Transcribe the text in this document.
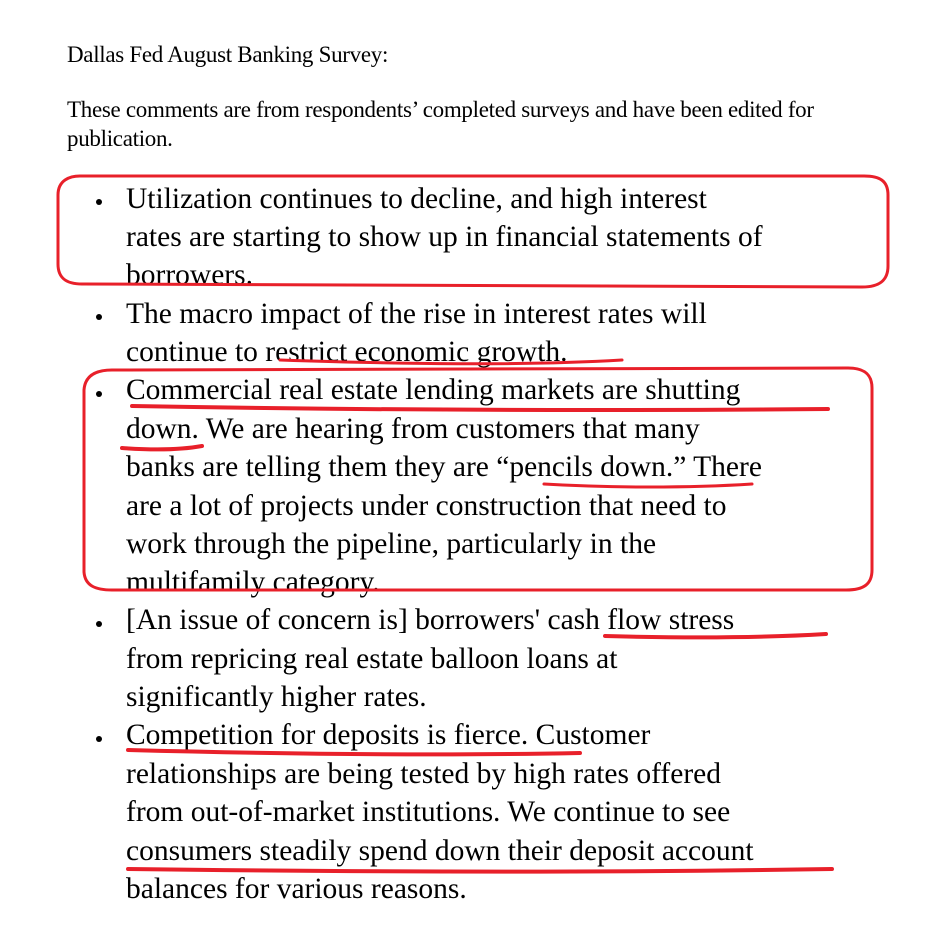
Dallas Fed August Banking Survey:
These comments are from respondents’ completed surveys and have been edited for publication.
Utilization continues to decline, and high interest
rates are starting to show up in financial statements of
borrowers.
The macro impact of the rise in interest rates will
continue to restrict economic growth.
Commercial real estate lending markets are shutting
down. We are hearing from customers that many
banks are telling them they are “pencils down.” There
are a lot of projects under construction that need to
work through the pipeline, particularly in the
multifamily category.
[An issue of concern is] borrowers' cash flow stress
from repricing real estate balloon loans at
significantly higher rates.
Competition for deposits is fierce. Customer
relationships are being tested by high rates offered
from out-of-market institutions. We continue to see
consumers steadily spend down their deposit account
balances for various reasons.
